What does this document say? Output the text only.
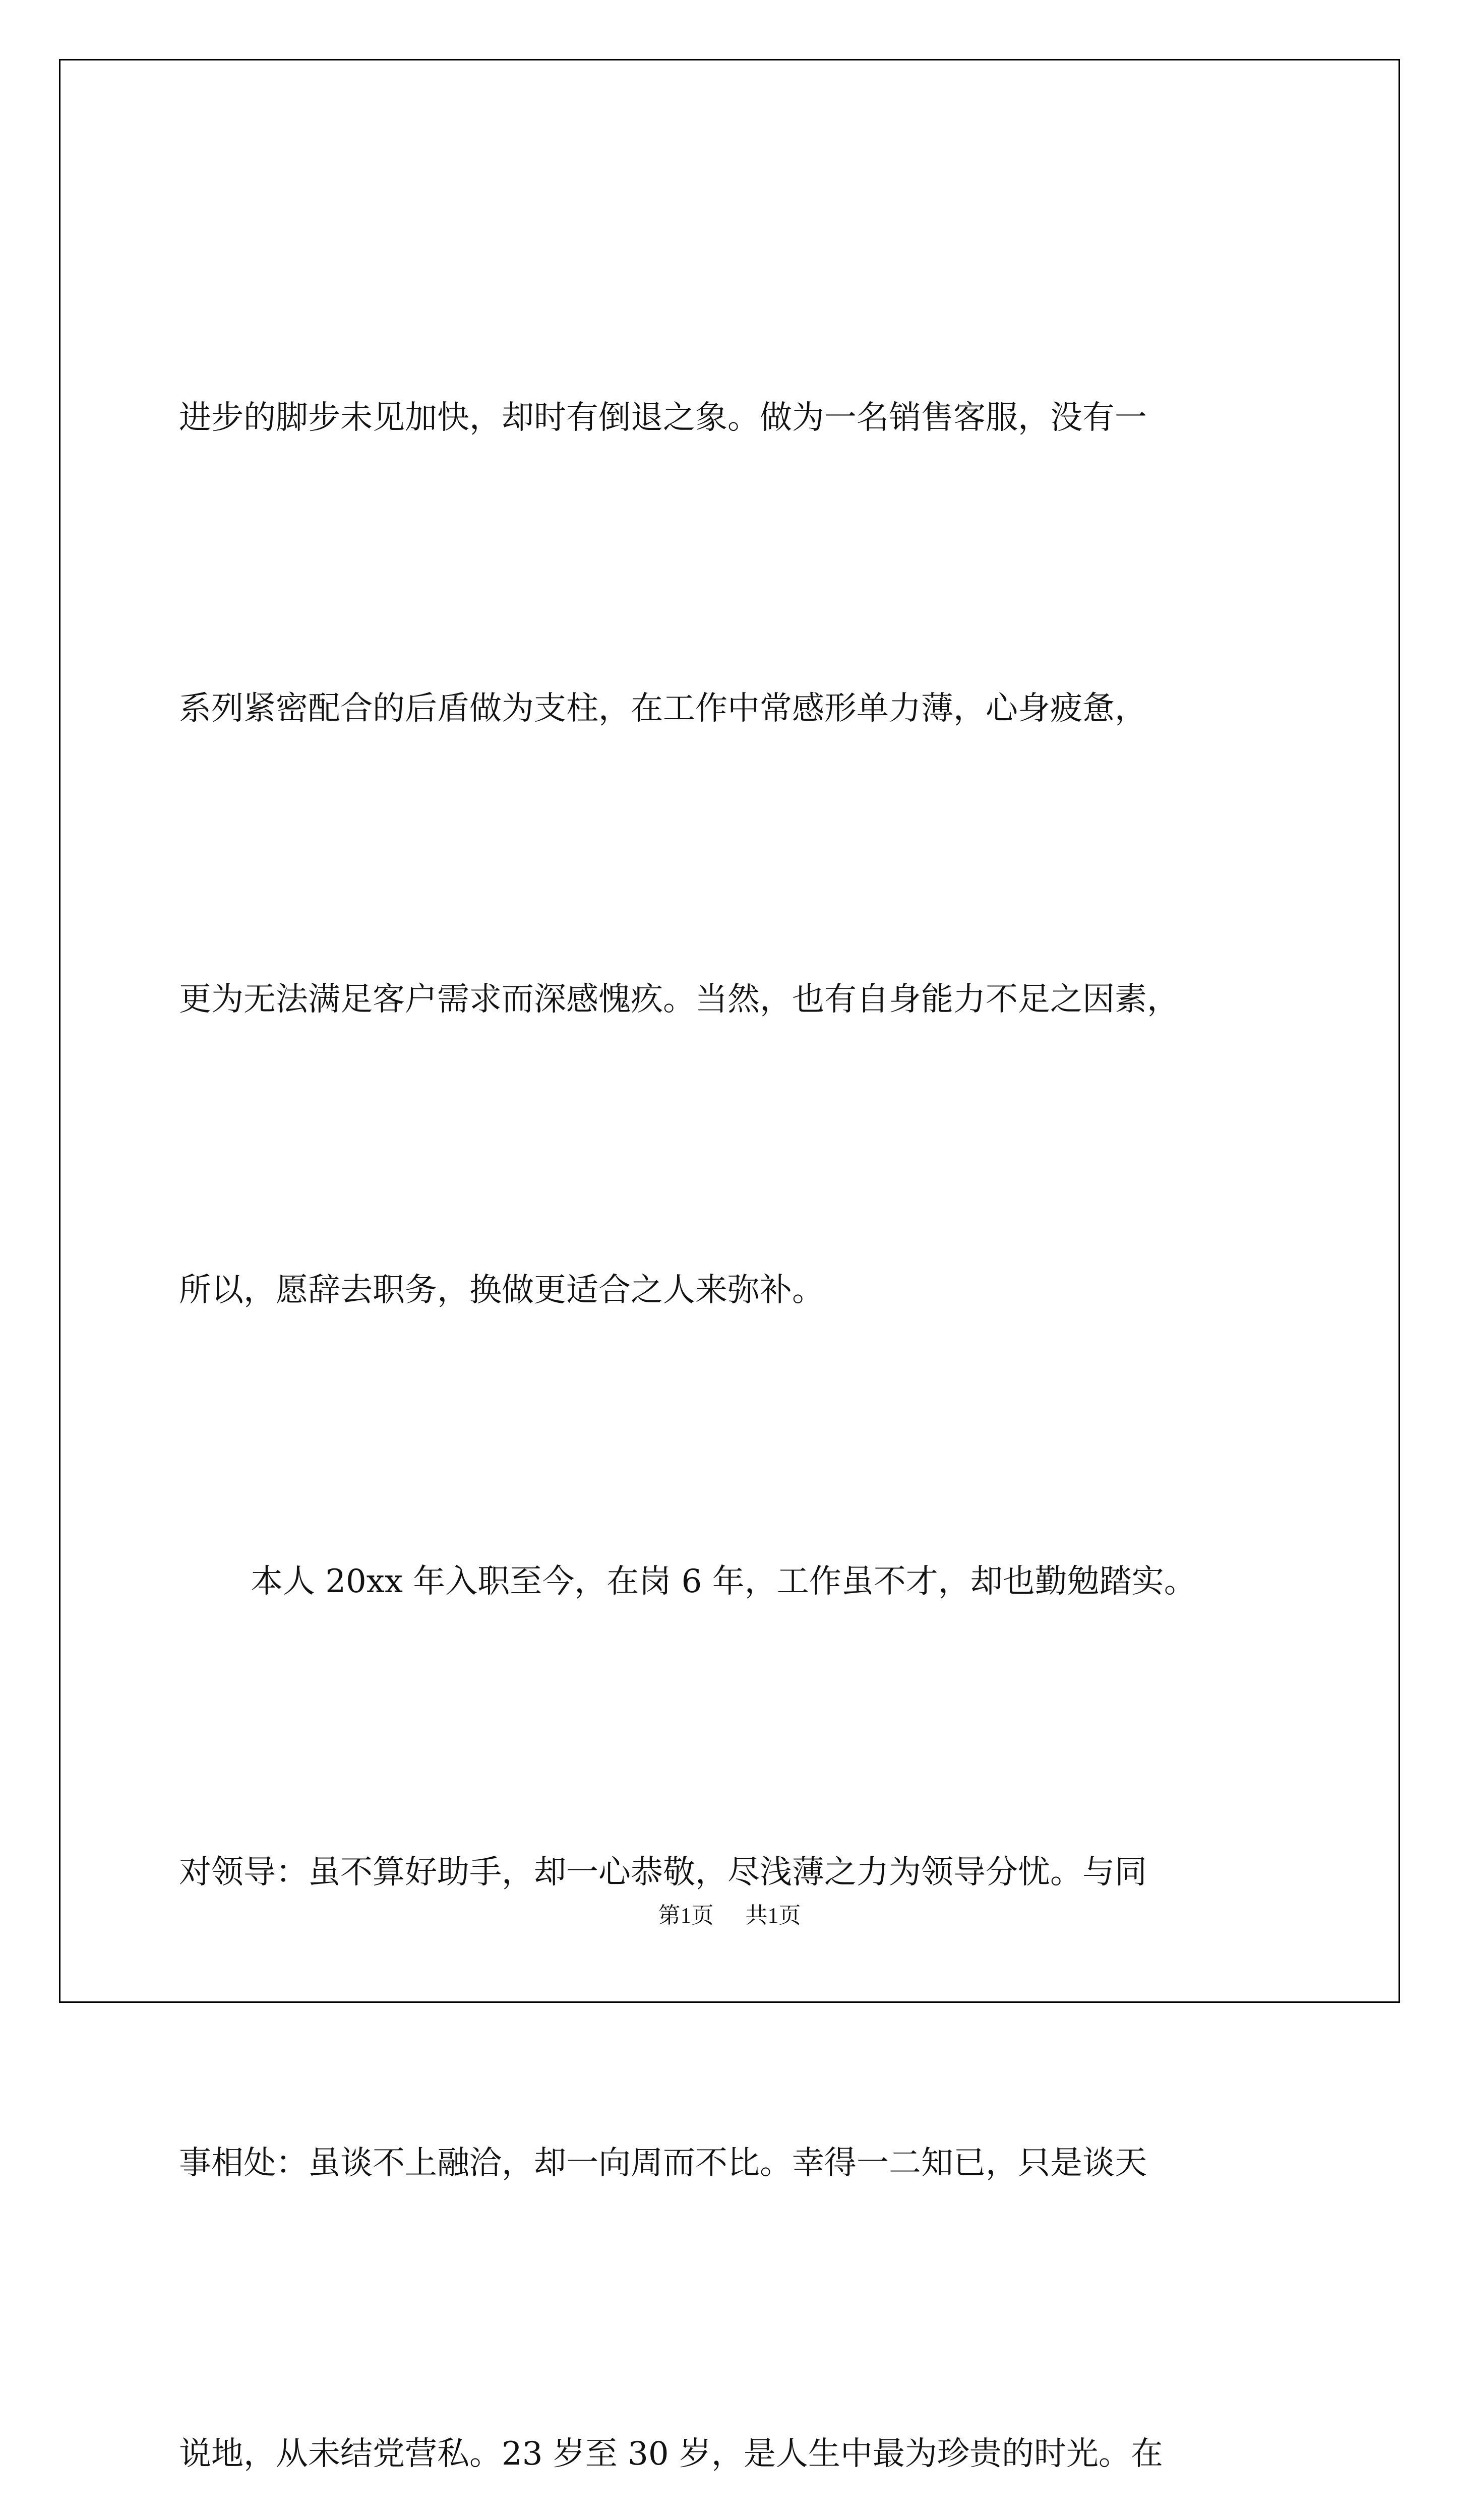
进步的脚步未见加快，却时有倒退之象。做为一名销售客服，没有一

系列紧密配合的后盾做为支柱，在工作中常感形单力薄，心身疲惫，

更为无法满足客户需求而深感愧疚。当然，也有自身能力不足之因素，

所以，愿辞去职务，换做更适合之人来弥补。

本人 20xx 年入职至今，在岗 6 年，工作虽不才，却也勤勉踏实。

对领导：虽不算好助手，却一心恭敬，尽浅薄之力为领导分忧。与同

事相处：虽谈不上融洽，却一向周而不比。幸得一二知已，只是谈天

说地，从未结党营私。23 岁至 30 岁，是人生中最为珍贵的时光。在

第1页 共1页
